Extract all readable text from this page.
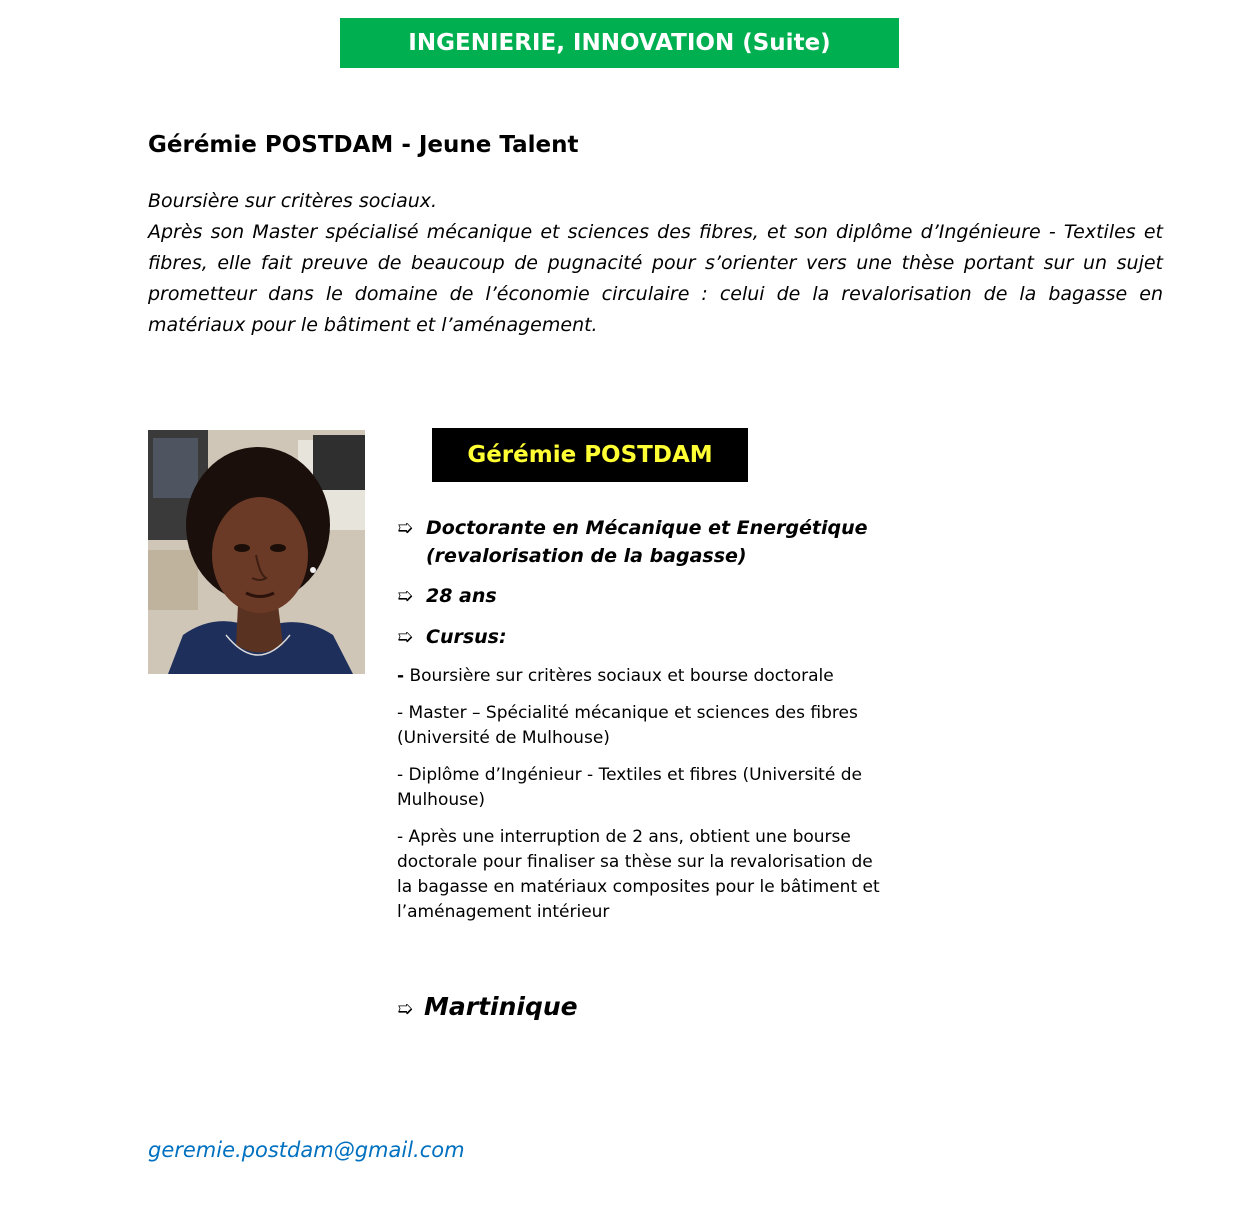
INGENIERIE, INNOVATION (Suite)
Gérémie POSTDAM - Jeune Talent

Boursière sur critères sociaux.

Après son Master spécialisé mécanique et sciences des fibres, et son diplôme d’Ingénieure - Textiles et fibres, elle fait preuve de beaucoup de pugnacité pour s’orienter vers une thèse portant sur un sujet prometteur dans le domaine de l’économie circulaire : celui de la revalorisation de la bagasse en matériaux pour le bâtiment et l’aménagement.

Gérémie POSTDAM
➯ Doctorante en Mécanique et Energétique
(revalorisation de la bagasse)
➯ 28 ans
➯ Cursus:
- Boursière sur critères sociaux et bourse doctorale
- Master – Spécialité mécanique et sciences des fibres (Université de Mulhouse)
- Diplôme d’Ingénieur - Textiles et fibres (Université de Mulhouse)
- Après une interruption de 2 ans, obtient une bourse doctorale pour finaliser sa thèse sur la revalorisation de la bagasse en matériaux composites pour le bâtiment et l’aménagement intérieur
➯ Martinique
geremie.postdam@gmail.com
